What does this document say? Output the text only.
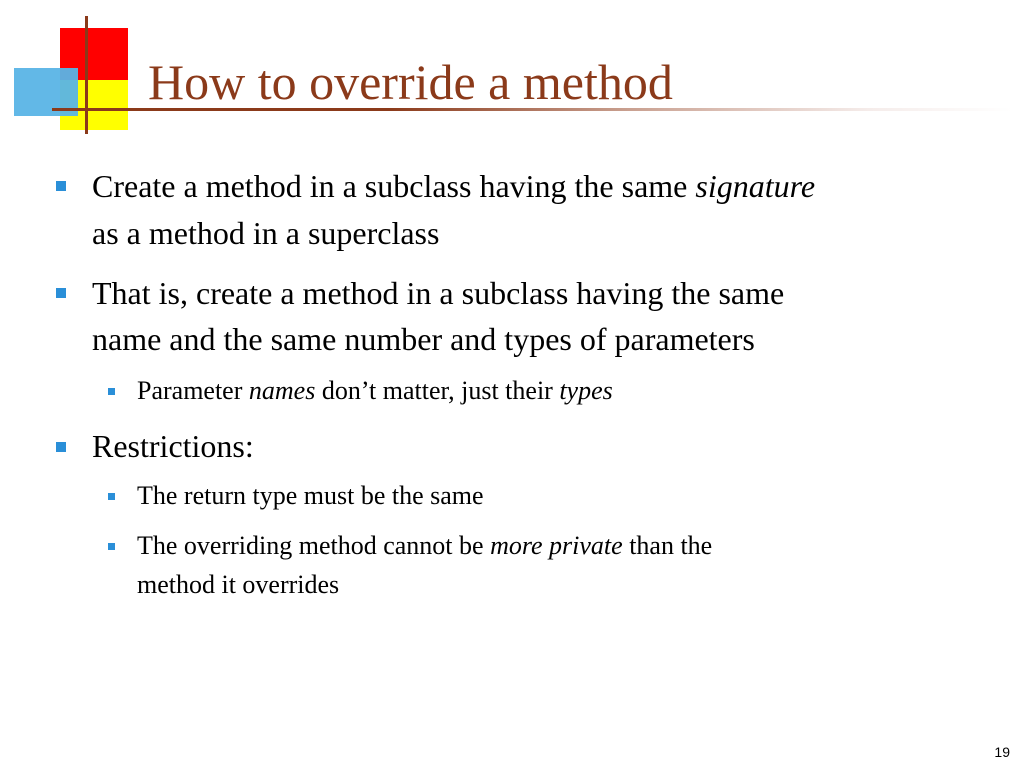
How to override a method

Create a method in a subclass having the same signature

as a method in a superclass

That is, create a method in a subclass having the same

name and the same number and types of parameters

Parameter names don’t matter, just their types

Restrictions:

The return type must be the same

The overriding method cannot be more private than the

method it overrides

19
